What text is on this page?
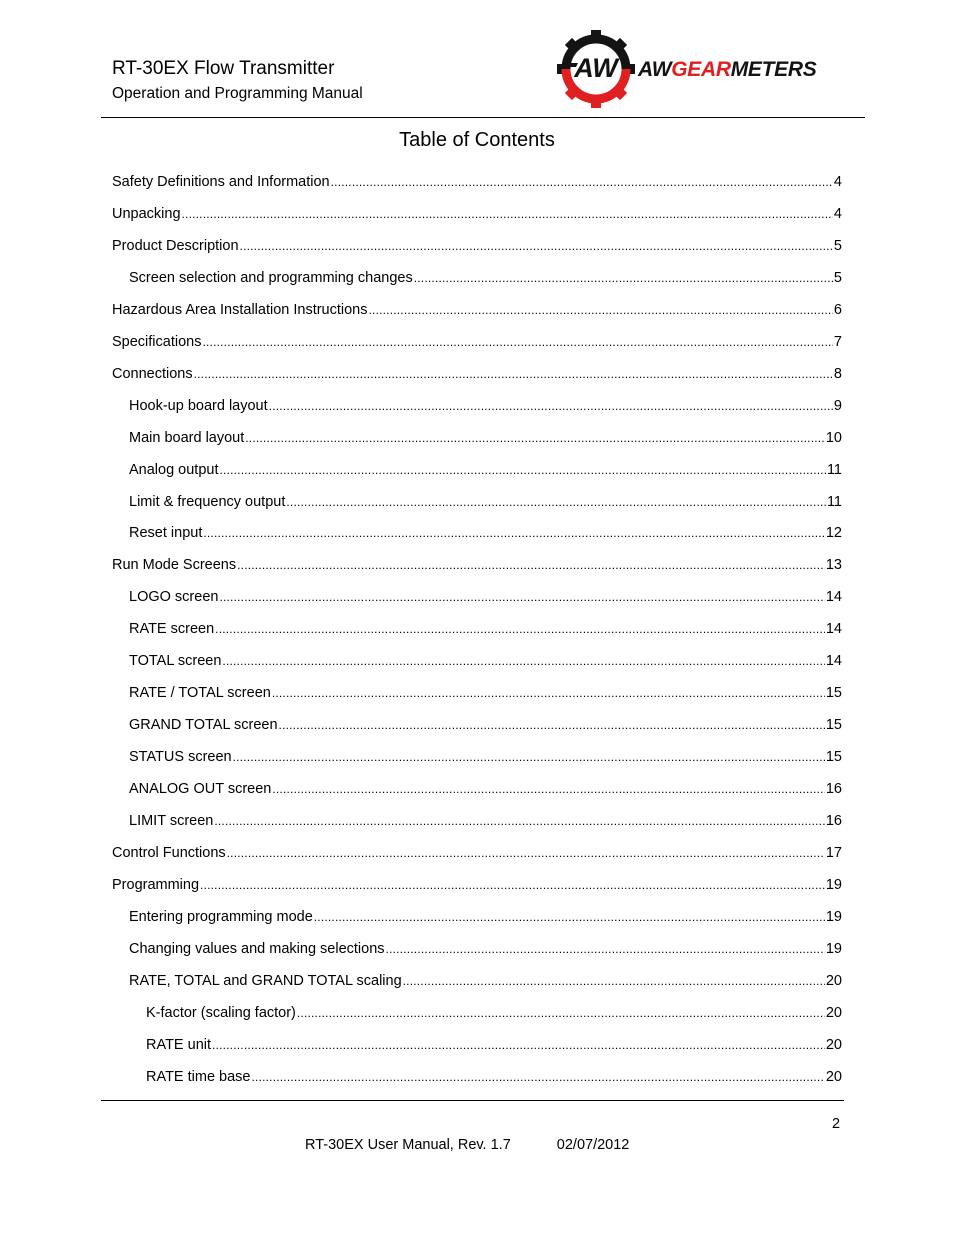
RT-30EX Flow Transmitter
Operation and Programming Manual
AW AWGEARMETERS
Table of Contents
Safety Definitions and Information .....	4
Unpacking .....	4
Product Description .....	5
Screen selection and programming changes .....	5
Hazardous Area Installation Instructions .....	6
Specifications .....	7
Connections .....	8
Hook-up board layout .....	9
Main board layout .....	10
Analog output .....	11
Limit & frequency output .....	11
Reset input .....	12
Run Mode Screens .....	13
LOGO screen .....	14
RATE screen .....	14
TOTAL screen .....	14
RATE / TOTAL screen .....	15
GRAND TOTAL screen .....	15
STATUS screen .....	15
ANALOG OUT screen .....	16
LIMIT screen .....	16
Control Functions .....	17
Programming .....	19
Entering programming mode .....	19
Changing values and making selections .....	19
RATE, TOTAL and GRAND TOTAL scaling .....	20
K-factor (scaling factor) .....	20
RATE unit .....	20
RATE time base .....	20
2
RT-30EX User Manual, Rev. 1.7	02/07/2012
